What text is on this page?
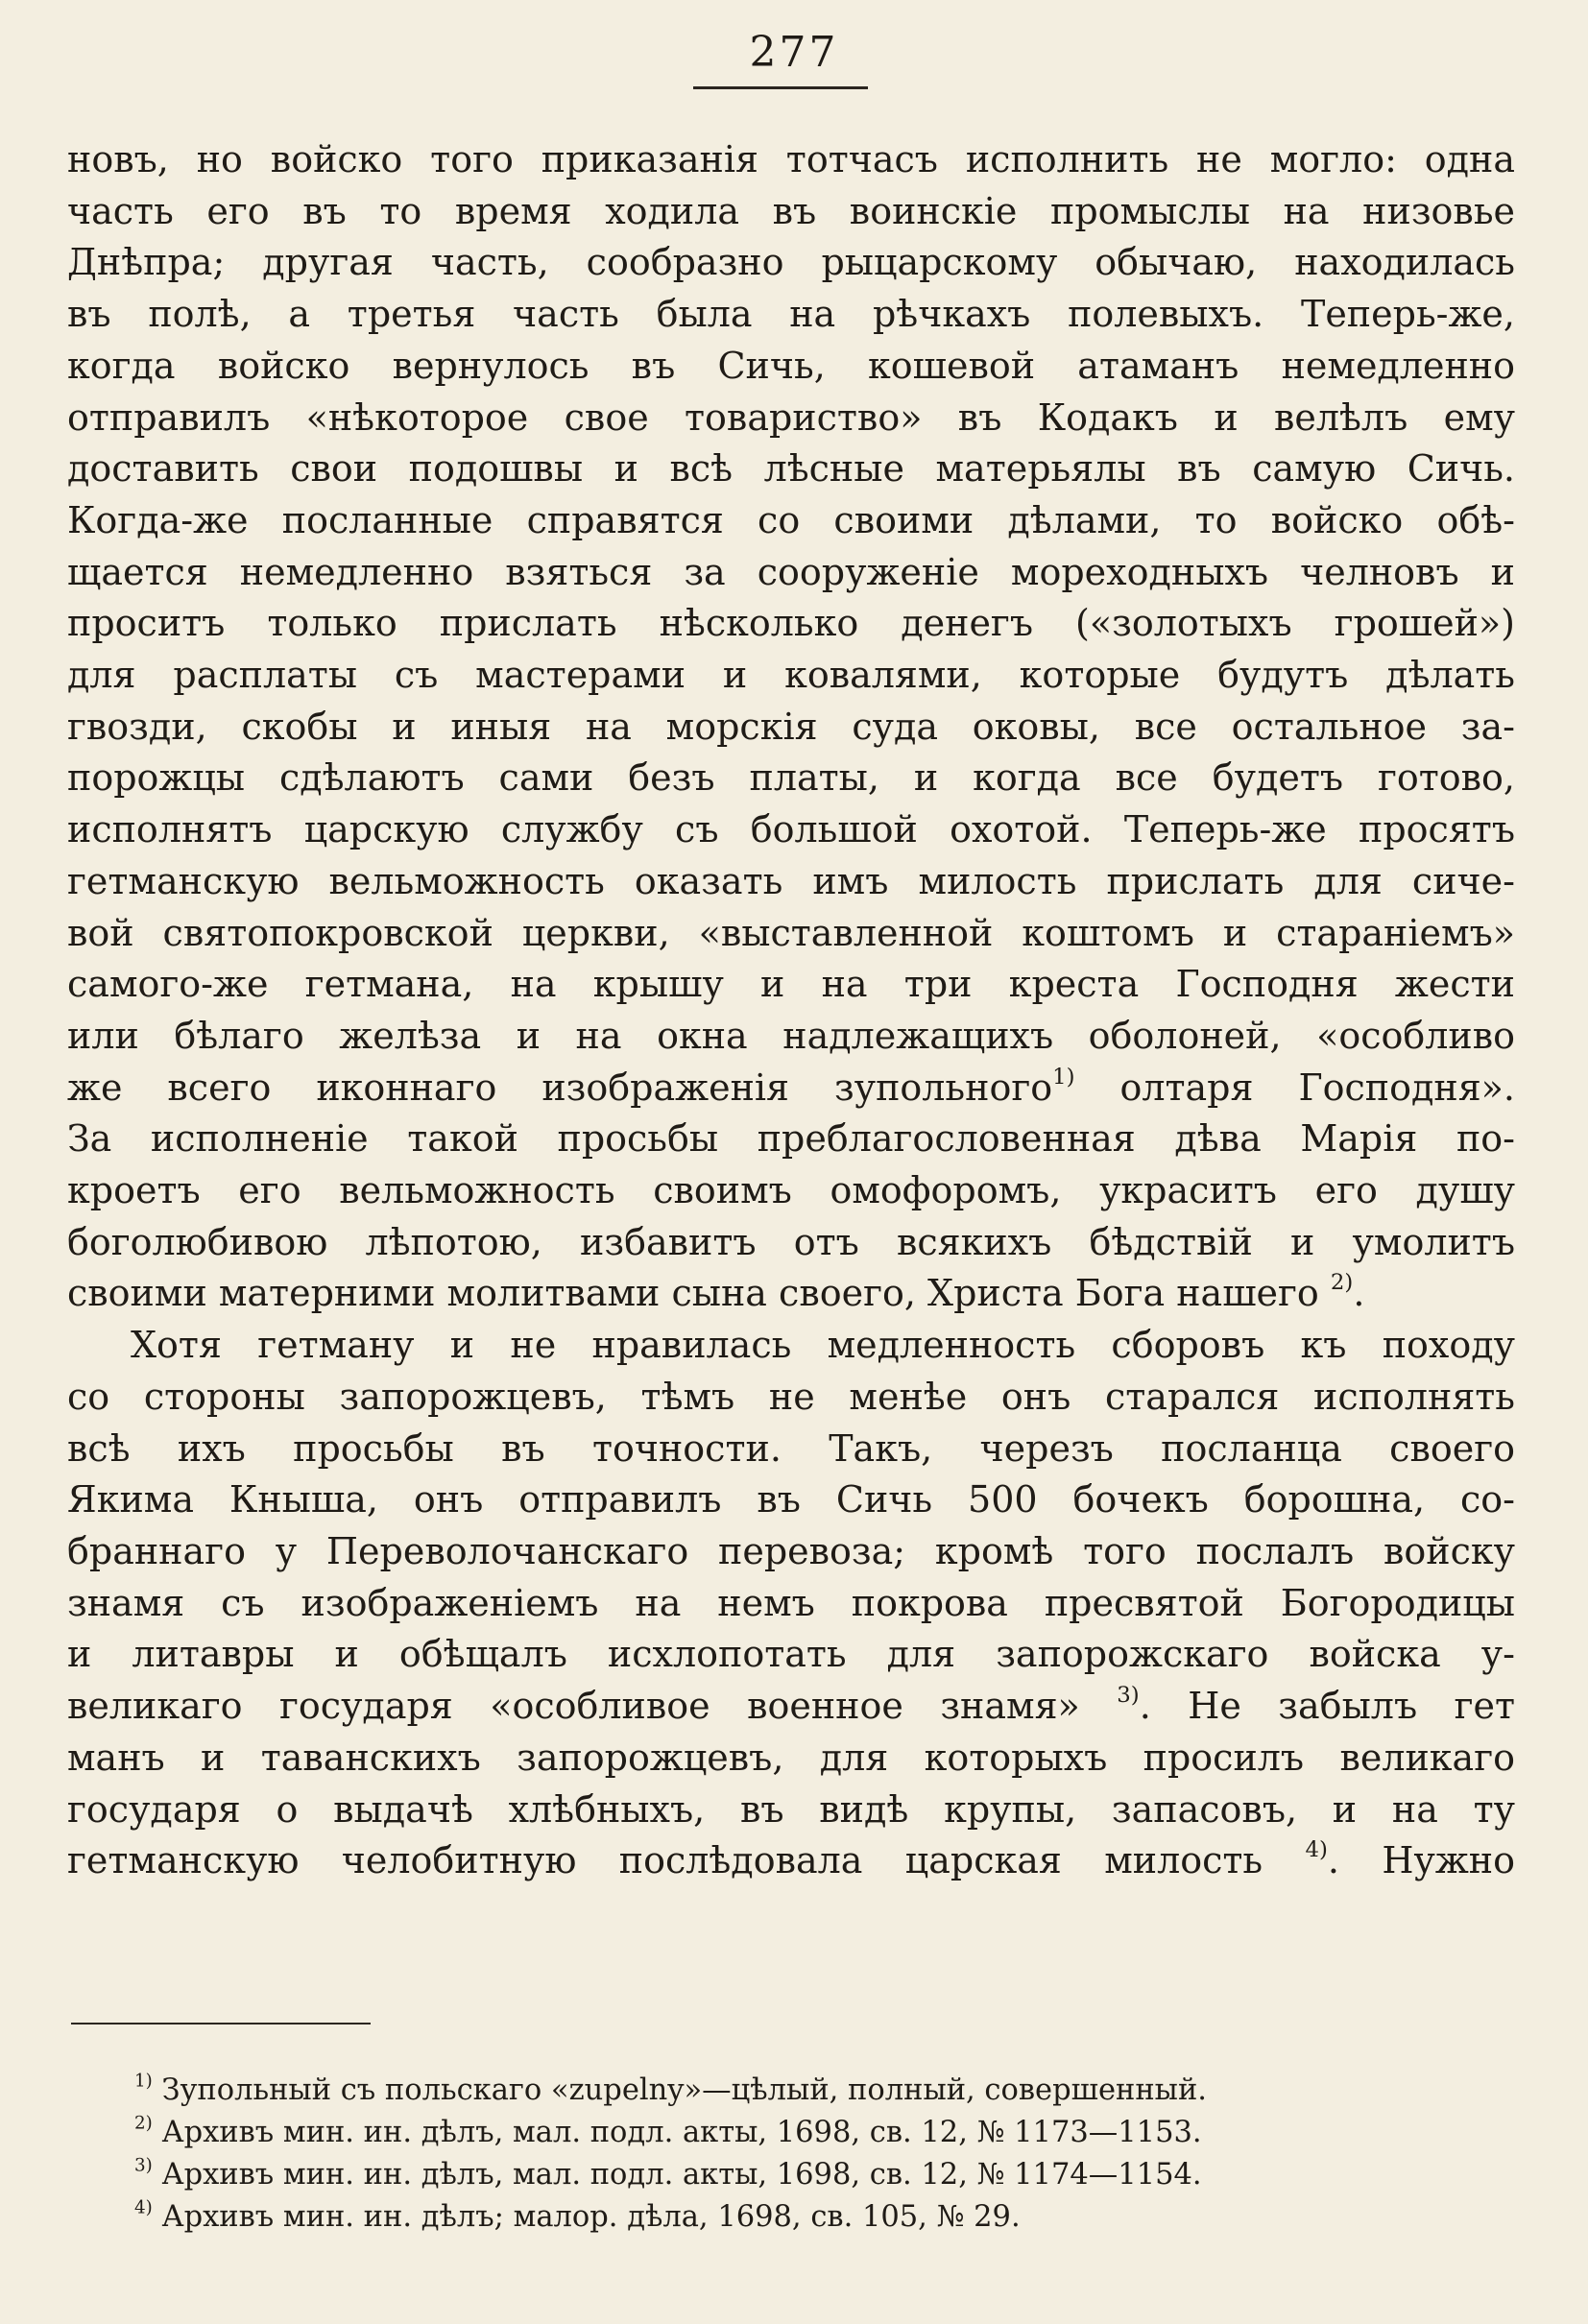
277
новъ, но войско того приказанія тотчасъ исполнить не могло: одна
часть его въ то время ходила въ воинскіе промыслы на низовье
Днѣпра; другая часть, сообразно рыцарскому обычаю, находилась
въ полѣ, а третья часть была на рѣчкахъ полевыхъ. Теперь-же,
когда войско вернулось въ Сичь, кошевой атаманъ немедленно
отправилъ «нѣкоторое свое товариство» въ Кодакъ и велѣлъ ему
доставить свои подошвы и всѣ лѣсные матерьялы въ самую Сичь.
Когда-же посланные справятся со своими дѣлами, то войско обѣ-
щается немедленно взяться за сооруженіе мореходныхъ челновъ и
проситъ только прислать нѣсколько денегъ («золотыхъ грошей»)
для расплаты съ мастерами и ковалями, которые будутъ дѣлать
гвозди, скобы и иныя на морскія суда оковы, все остальное за-
порожцы сдѣлаютъ сами безъ платы, и когда все будетъ готово,
исполнятъ царскую службу съ большой охотой. Теперь-же просятъ
гетманскую вельможность оказать имъ милость прислать для сиче-
вой святопокровской церкви, «выставленной коштомъ и стараніемъ»
самого-же гетмана, на крышу и на три креста Господня жести
или бѣлаго желѣза и на окна надлежащихъ оболоней, «особливо
же всего иконнаго изображенія зупольного$^{1)}$ олтаря Господня».
За исполненіе такой просьбы преблагословенная дѣва Марія по-
кроетъ его вельможность своимъ омофоромъ, украситъ его душу
боголюбивою лѣпотою, избавитъ отъ всякихъ бѣдствій и умолитъ
своими матерними молитвами сына своего, Христа Бога нашего $^{2)}$.
Хотя гетману и не нравилась медленность сборовъ къ походу
со стороны запорожцевъ, тѣмъ не менѣе онъ старался исполнять
всѣ ихъ просьбы въ точности. Такъ, черезъ посланца своего
Якима Кныша, онъ отправилъ въ Сичь 500 бочекъ борошна, со-
браннаго у Переволочанскаго перевоза; кромѣ того послалъ войску
знамя съ изображеніемъ на немъ покрова пресвятой Богородицы
и литавры и обѣщалъ исхлопотать для запорожскаго войска у-
великаго государя «особливое военное знамя» $^{3)}$. Не забылъ гет
манъ и таванскихъ запорожцевъ, для которыхъ просилъ великаго
государя о выдачѣ хлѣбныхъ, въ видѣ крупы, запасовъ, и на ту
гетманскую челобитную послѣдовала царская милость $^{4)}$. Нужно
$^{1)}$ Зупольный съ польскаго «zupelny»—цѣлый, полный, совершенный.
$^{2)}$ Архивъ мин. ин. дѣлъ, мал. подл. акты, 1698, св. 12, № 1173—1153.
$^{3)}$ Архивъ мин. ин. дѣлъ, мал. подл. акты, 1698, св. 12, № 1174—1154.
$^{4)}$ Архивъ мин. ин. дѣлъ; малор. дѣла, 1698, св. 105, № 29.
